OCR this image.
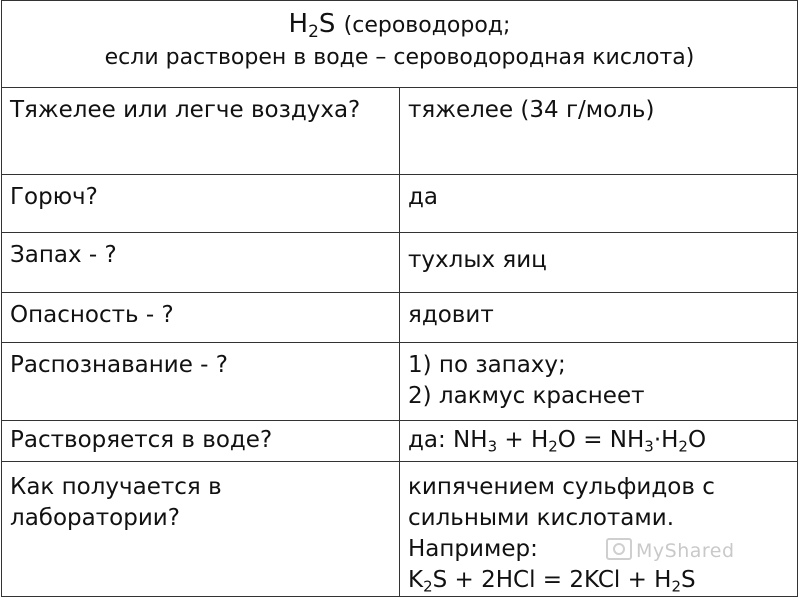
$H_2S$ (сероводород;
если растворен в воде – сероводородная кислота)	

Тяжелее или легче воздуха?	тяжелее (34 г/моль)
Горюч?	да
Запах - ?	тухлых яиц
Опасность - ?	ядовит
Распознавание - ?	1) по запаху;
2) лакмус краснеет

Растворяется в воде?	да: $NH_3 + H_2O = NH_3\cdot H_2O$
Как получается в лаборатории?	кипячением сульфидов с сильными кислотами. Например:
$K_2S + 2HCl = 2KCl + H_2S$
MyShared
